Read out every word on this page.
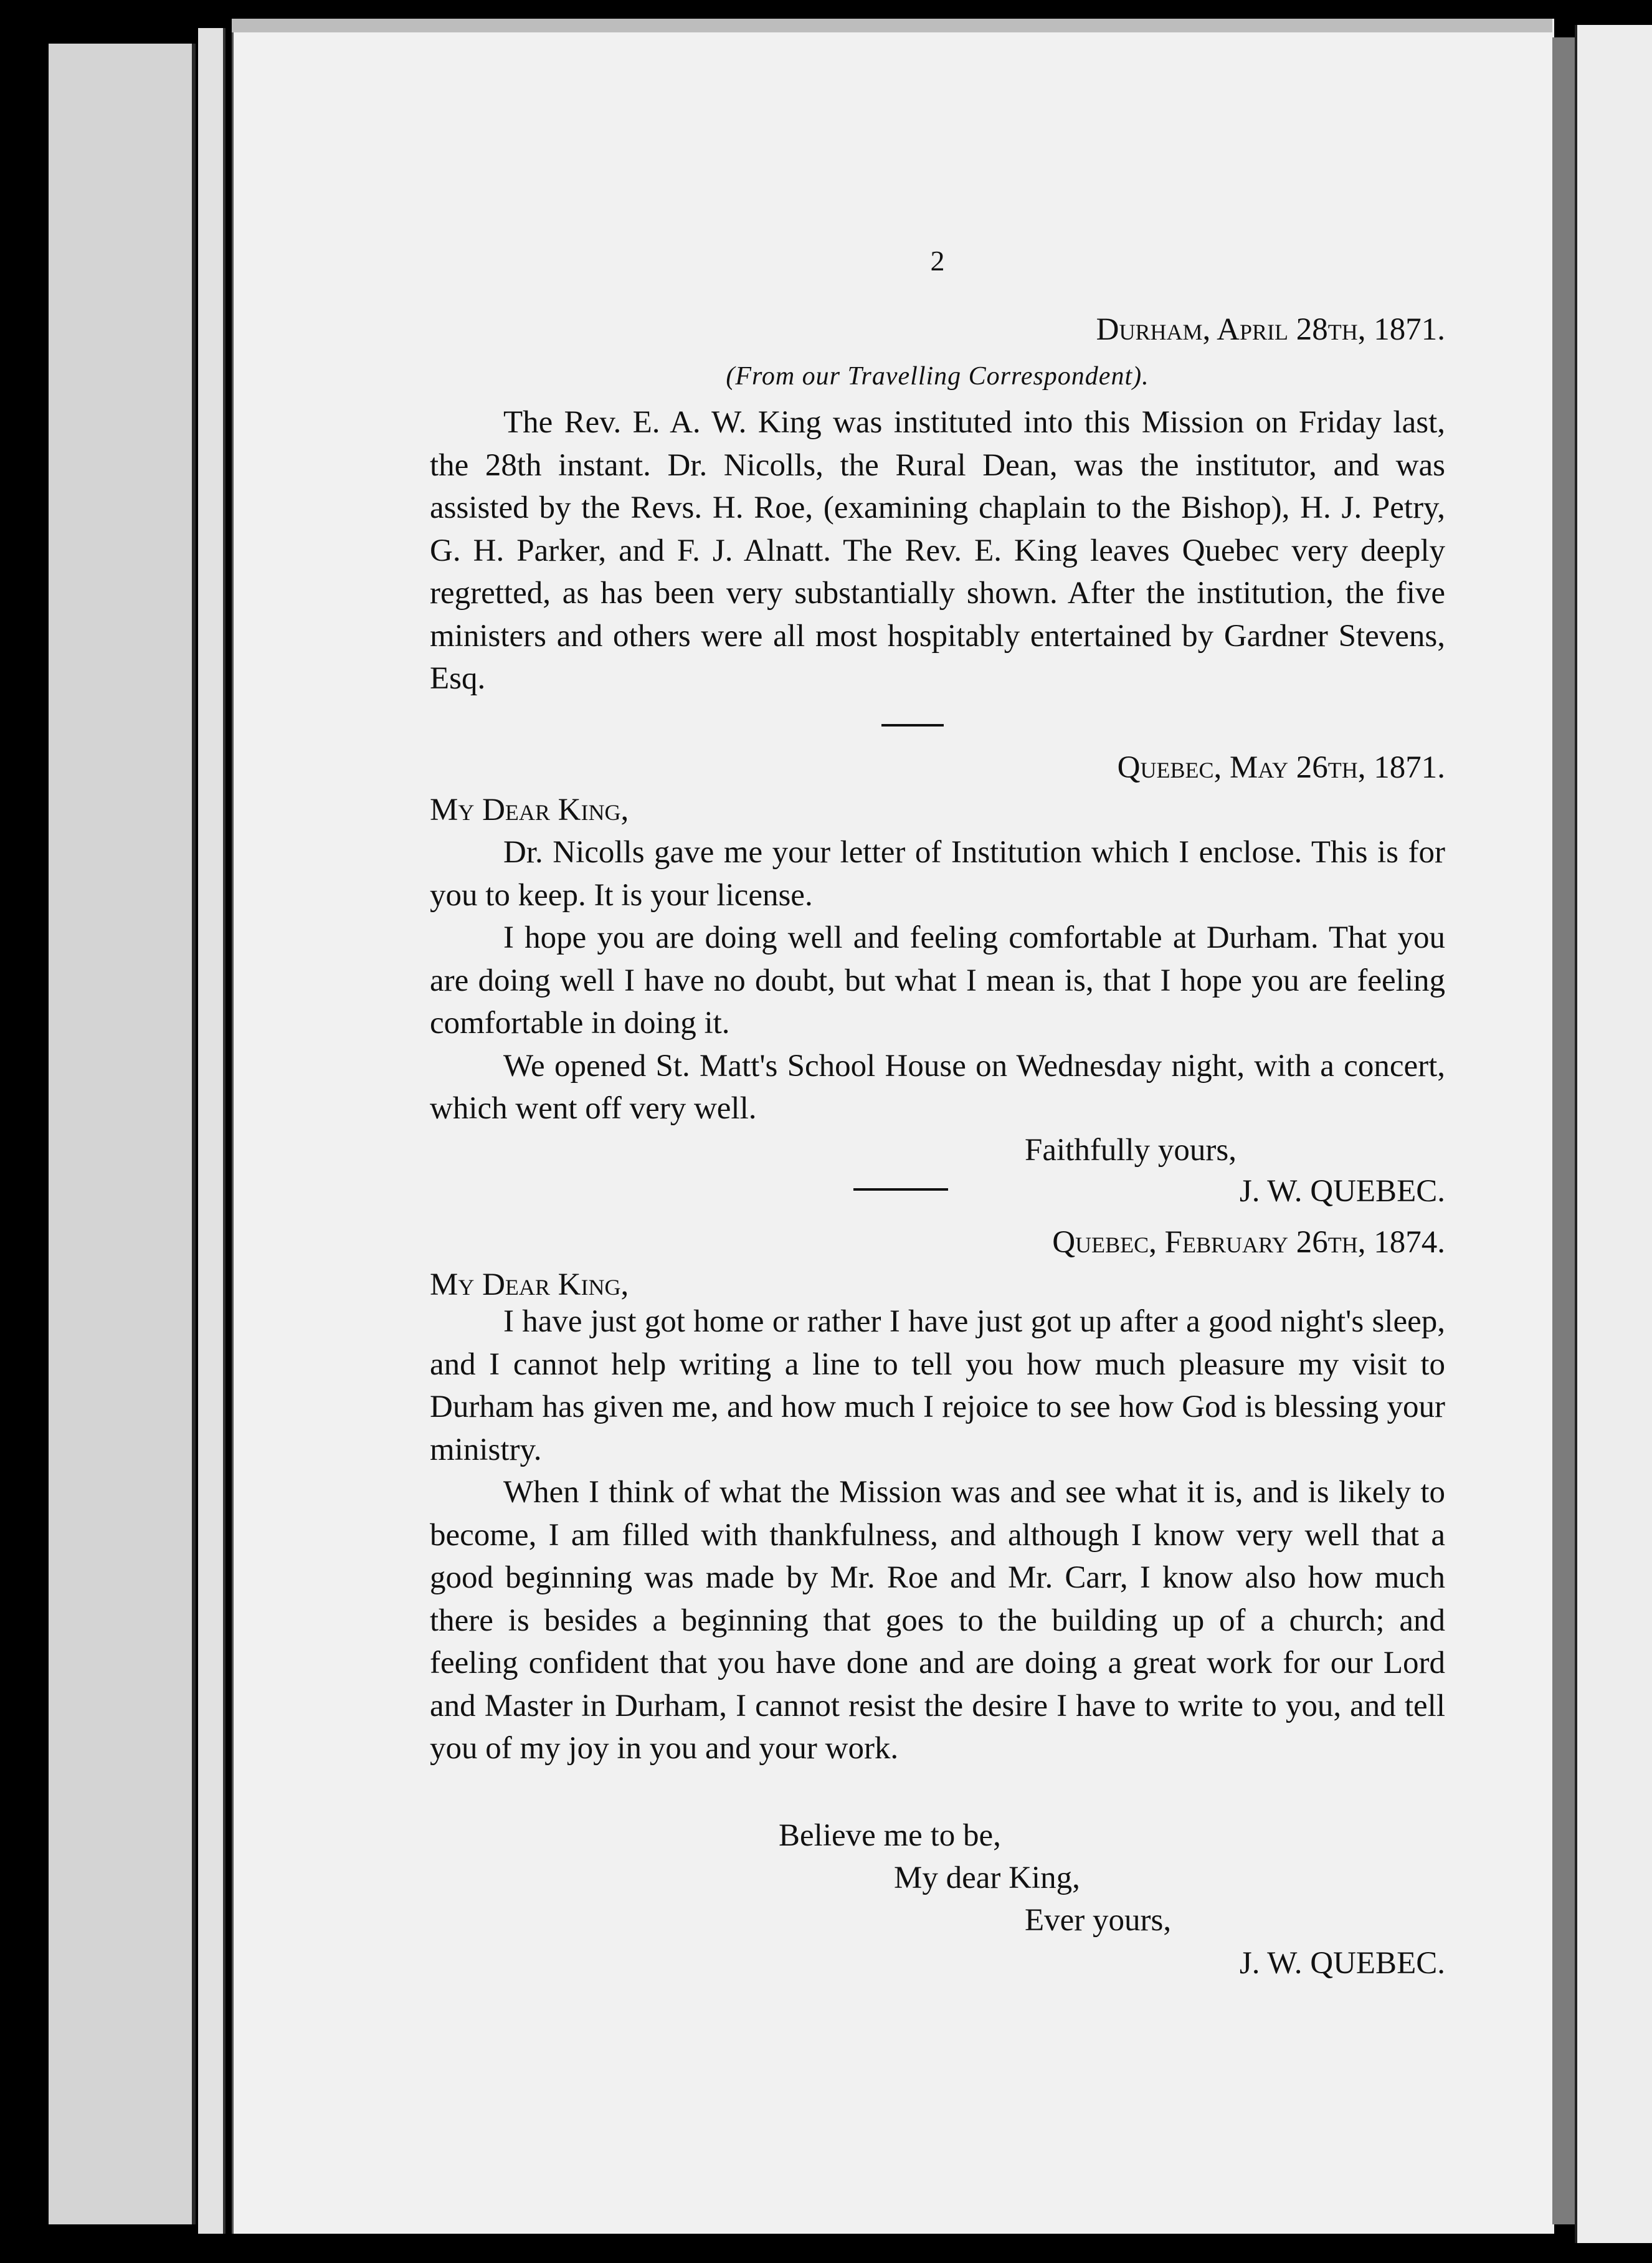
2
Durham, April 28th, 1871.
(From our Travelling Correspondent).

The Rev. E. A. W. King was instituted into this Mission on Friday last, the 28th instant. Dr. Nicolls, the Rural Dean, was the institutor, and was assisted by the Revs. H. Roe, (examining chaplain to the Bishop), H. J. Petry, G. H. Parker, and F. J. Alnatt. The Rev. E. King leaves Quebec very deeply regretted, as has been very substantially shown. After the institution, the five ministers and others were all most hospitably entertained by Gardner Stevens, Esq.

Quebec, May 26th, 1871.
My Dear King,

Dr. Nicolls gave me your letter of Institution which I enclose. This is for you to keep. It is your license.

I hope you are doing well and feeling comfortable at Durham. That you are doing well I have no doubt, but what I mean is, that I hope you are feeling comfortable in doing it.

We opened St. Matt's School House on Wednesday night, with a concert, which went off very well.

Faithfully yours,
J. W. QUEBEC.
Quebec, February 26th, 1874.
My Dear King,

I have just got home or rather I have just got up after a good night's sleep, and I cannot help writing a line to tell you how much pleasure my visit to Durham has given me, and how much I rejoice to see how God is blessing your ministry.

When I think of what the Mission was and see what it is, and is likely to become, I am filled with thankfulness, and although I know very well that a good beginning was made by Mr. Roe and Mr. Carr, I know also how much there is besides a beginning that goes to the building up of a church; and feeling confident that you have done and are doing a great work for our Lord and Master in Durham, I cannot resist the desire I have to write to you, and tell you of my joy in you and your work.

Believe me to be,
My dear King,
Ever yours,
J. W. QUEBEC.
